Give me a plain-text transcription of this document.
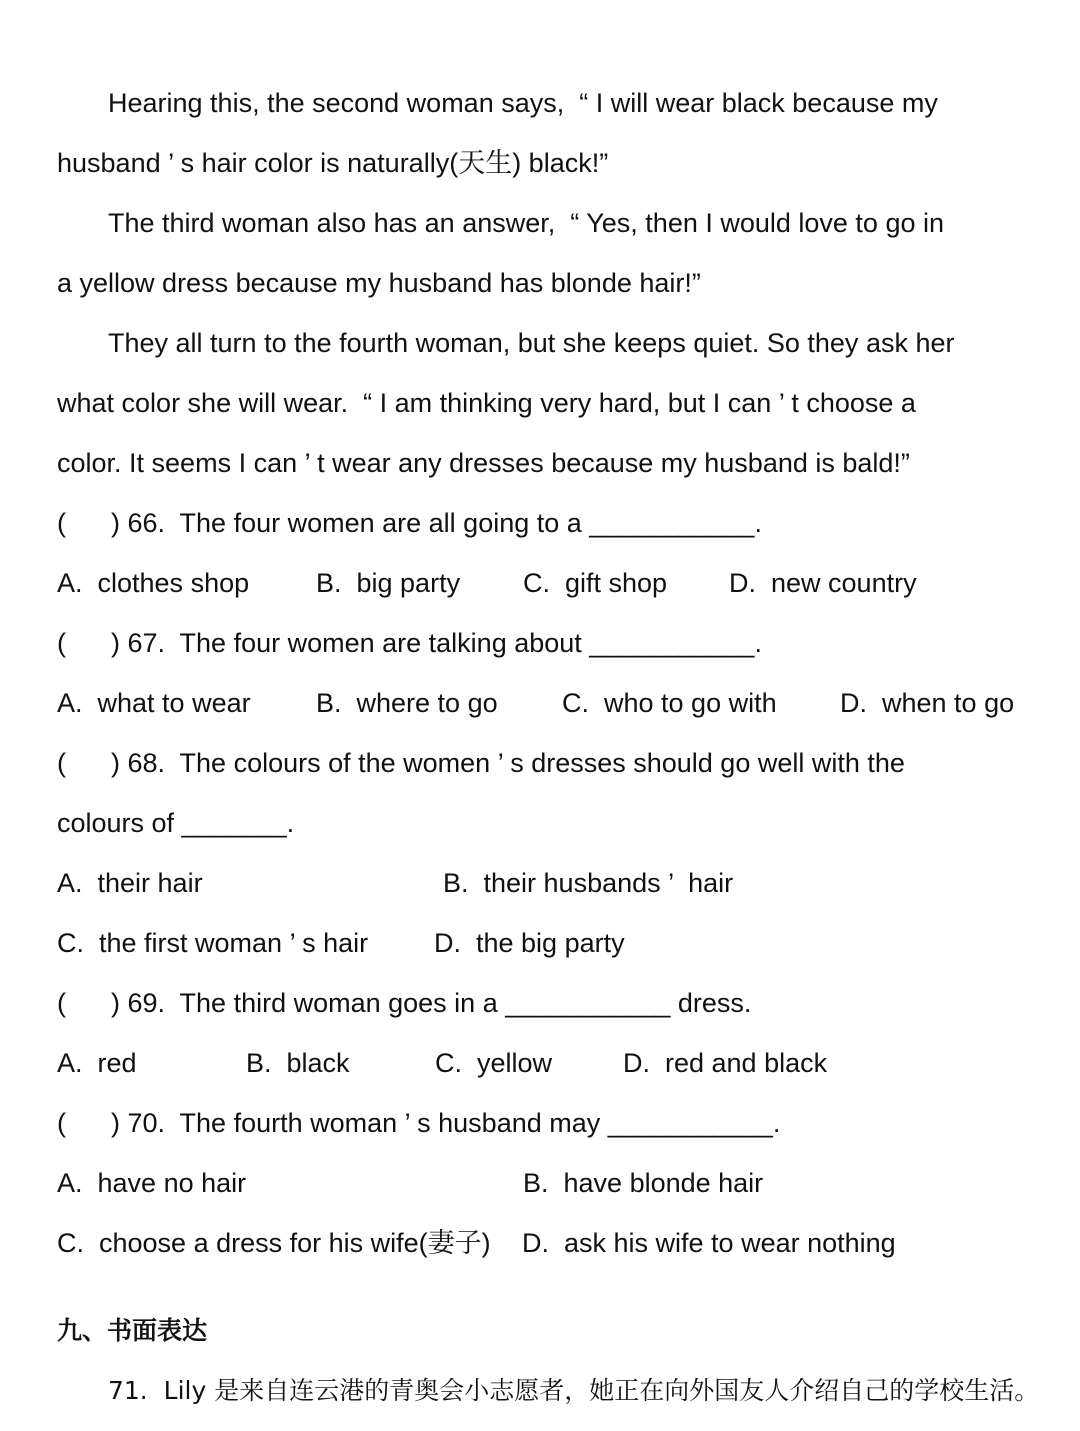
Hearing this, the second woman says,  “ I will wear black because my
husband ’ s hair color is naturally(天生) black!”
The third woman also has an answer,  “ Yes, then I would love to go in
a yellow dress because my husband has blonde hair!”
They all turn to the fourth woman, but she keeps quiet. So they ask her
what color she will wear.  “ I am thinking very hard, but I can ’ t choose a
color. It seems I can ’ t wear any dresses because my husband is bald!”
(      ) 66.  The four women are all going to a ___________.
A.  clothes shop B.  big party C.  gift shop D.  new country
(      ) 67.  The four women are talking about ___________.
A.  what to wear B.  where to go C.  who to go with D.  when to go
(      ) 68.  The colours of the women ’ s dresses should go well with the
colours of _______.
A.  their hair	B.  their husbands ’  hair
C.  the first woman ’ s hair D.  the big party
(      ) 69.  The third woman goes in a ___________ dress.
A.  red	B.  black	C.  yellow	D.  red and black
(      ) 70.  The fourth woman ’ s husband may ___________.
A.  have no hair	B.  have blonde hair
C.  choose a dress for his wife(妻子) D.  ask his wife to wear nothing
九、书面表达
71.  Lily 是来自连云港的青奥会小志愿者，她正在向外国友人介绍自己的学校生活。
